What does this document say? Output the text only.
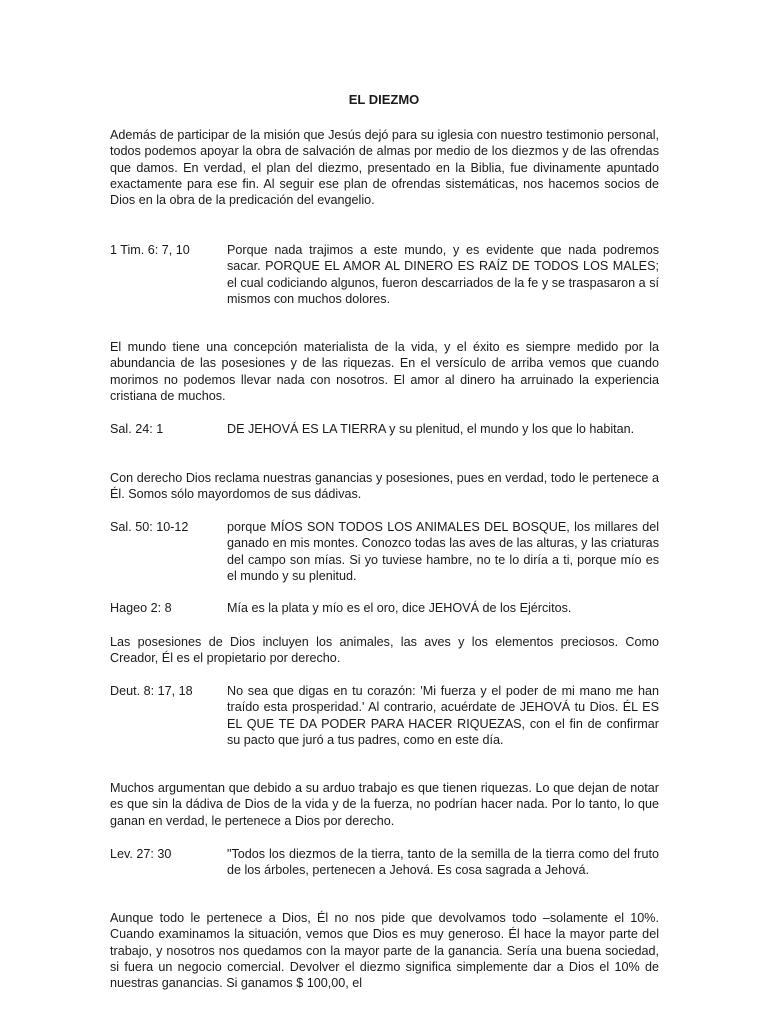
EL DIEZMO

Además de participar de la misión que Jesús dejó para su iglesia con nuestro testimonio personal, todos podemos apoyar la obra de salvación de almas por medio de los diezmos y de las ofrendas que damos. En verdad, el plan del diezmo, presentado en la Biblia, fue divinamente apuntado exactamente para ese fin. Al seguir ese plan de ofrendas sistemáticas, nos hacemos socios de Dios en la obra de la predicación del evangelio.

1 Tim. 6: 7, 10	Porque nada trajimos a este mundo, y es evidente que nada podremos sacar. PORQUE EL AMOR AL DINERO ES RAÍZ DE TODOS LOS MALES; el cual codiciando algunos, fueron descarriados de la fe y se traspasaron a sí mismos con muchos dolores.

El mundo tiene una concepción materialista de la vida, y el éxito es siempre medido por la abundancia de las posesiones y de las riquezas. En el versículo de arriba vemos que cuando morimos no podemos llevar nada con nosotros. El amor al dinero ha arruinado la experiencia cristiana de muchos.

Sal. 24: 1	DE JEHOVÁ ES LA TIERRA y su plenitud, el mundo y los que lo habitan.

Con derecho Dios reclama nuestras ganancias y posesiones, pues en verdad, todo le pertenece a Él. Somos sólo mayordomos de sus dádivas.

Sal. 50: 10-12	porque MÍOS SON TODOS LOS ANIMALES DEL BOSQUE, los millares del ganado en mis montes. Conozco todas las aves de las alturas, y las criaturas del campo son mías. Si yo tuviese hambre, no te lo diría a ti, porque mío es el mundo y su plenitud.

Hageo 2: 8	Mía es la plata y mío es el oro, dice JEHOVÁ de los Ejércitos.

Las posesiones de Dios incluyen los animales, las aves y los elementos preciosos. Como Creador, Él es el propietario por derecho.

Deut. 8: 17, 18	No sea que digas en tu corazón: 'Mi fuerza y el poder de mi mano me han traído esta prosperidad.' Al contrario, acuérdate de JEHOVÁ tu Dios. ÉL ES EL QUE TE DA PODER PARA HACER RIQUEZAS, con el fin de confirmar su pacto que juró a tus padres, como en este día.

Muchos argumentan que debido a su arduo trabajo es que tienen riquezas. Lo que dejan de notar es que sin la dádiva de Dios de la vida y de la fuerza, no podrían hacer nada. Por lo tanto, lo que ganan en verdad, le pertenece a Dios por derecho.

Lev. 27: 30	"Todos los diezmos de la tierra, tanto de la semilla de la tierra como del fruto de los árboles, pertenecen a Jehová. Es cosa sagrada a Jehová.

Aunque todo le pertenece a Dios, Él no nos pide que devolvamos todo –solamente el 10%. Cuando examinamos la situación, vemos que Dios es muy generoso. Él hace la mayor parte del trabajo, y nosotros nos quedamos con la mayor parte de la ganancia. Sería una buena sociedad, si fuera un negocio comercial. Devolver el diezmo significa simplemente dar a Dios el 10% de nuestras ganancias. Si ganamos $ 100,00, el
